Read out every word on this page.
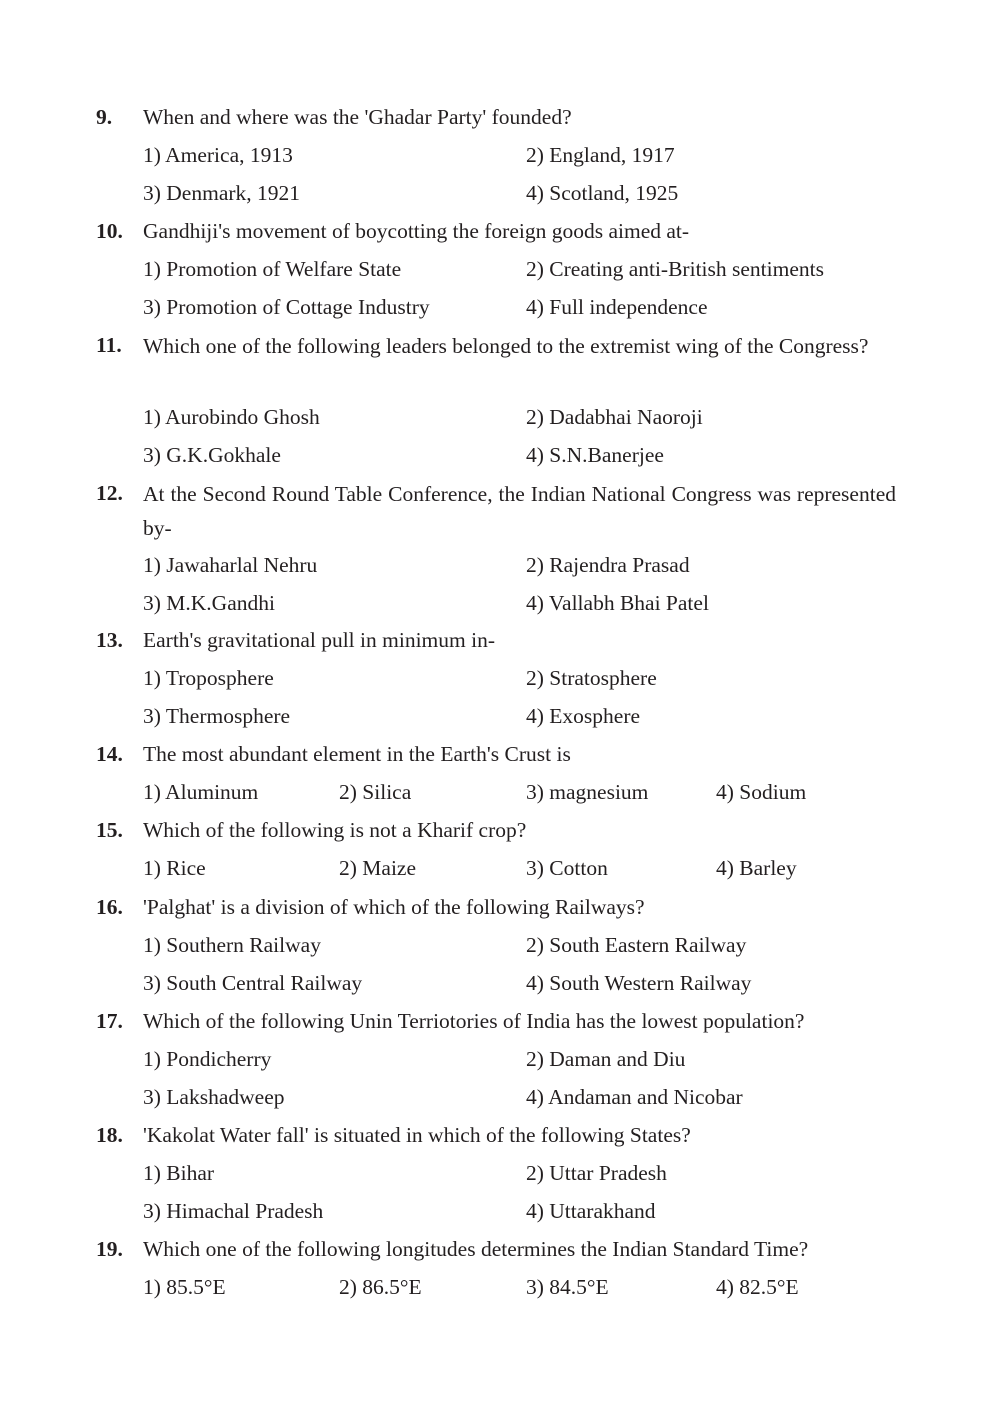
9. When and where was the 'Ghadar Party' founded?
1) America, 1913	2) England, 1917
3) Denmark, 1921	4) Scotland, 1925
10. Gandhiji's movement of boycotting the foreign goods aimed at-
1) Promotion of Welfare State	2) Creating anti-British sentiments
3) Promotion of Cottage Industry	4) Full independence
11. Which one of the following leaders belonged to the extremist wing of the Congress?
1) Aurobindo Ghosh	2) Dadabhai Naoroji
3) G.K.Gokhale	4) S.N.Banerjee
12. At the Second Round Table Conference, the Indian National Congress was represented by-
1) Jawaharlal Nehru	2) Rajendra Prasad
3) M.K.Gandhi	4) Vallabh Bhai Patel
13. Earth's gravitational pull in minimum in-
1) Troposphere	2) Stratosphere
3) Thermosphere	4) Exosphere
14. The most abundant element in the Earth's Crust is
1) Aluminum	2) Silica	3) magnesium	4) Sodium
15. Which of the following is not a Kharif crop?
1) Rice	2) Maize	3) Cotton	4) Barley
16. 'Palghat' is a division of which of the following Railways?
1) Southern Railway	2) South Eastern Railway
3) South Central Railway	4) South Western Railway
17. Which of the following Unin Terriotories of India has the lowest population?
1) Pondicherry	2) Daman and Diu
3) Lakshadweep	4) Andaman and Nicobar
18. 'Kakolat Water fall' is situated in which of the following States?
1) Bihar	2) Uttar Pradesh
3) Himachal Pradesh	4) Uttarakhand
19. Which one of the following longitudes determines the Indian Standard Time?
1) 85.5°E	2) 86.5°E	3) 84.5°E	4) 82.5°E
